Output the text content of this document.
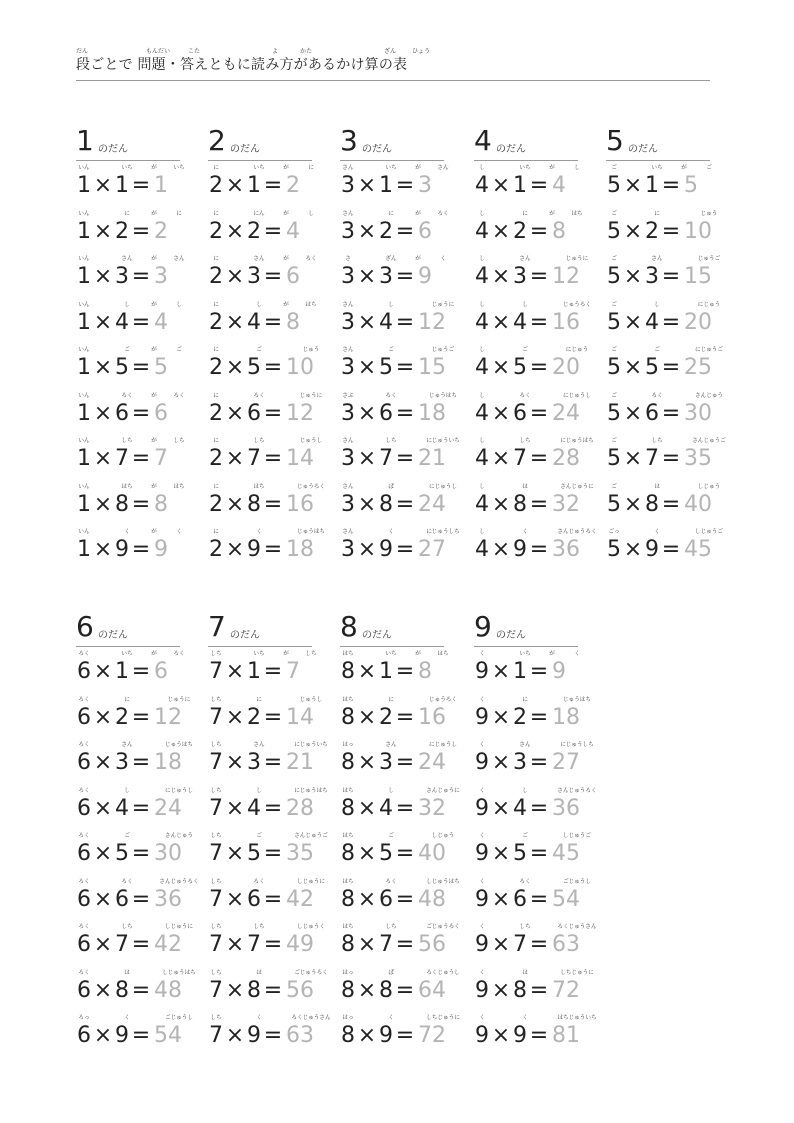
だん	もんだい	こた	よ	かた	ざん	ひょう
段ごとで 問題・答えともに読み方があるかけ算の表
1 のだん
いん	いち	が	いち
1 × 1 = 1
いん	に	が	に
1 × 2 = 2
いん	さん	が	さん
1 × 3 = 3
いん	し	が	し
1 × 4 = 4
いん	ご	が	ご
1 × 5 = 5
いん	ろく	が	ろく
1 × 6 = 6
いん	しち	が	しち
1 × 7 = 7
いん	はち	が	はち
1 × 8 = 8
いん	く	が	く
1 × 9 = 9
2 のだん
に	いち	が	に
2 × 1 = 2
に	にん	が	し
2 × 2 = 4
に	さん	が	ろく
2 × 3 = 6
に	し	が	はち
2 × 4 = 8
に	ご	じゅう
2 × 5 = 10
に	ろく	じゅうに
2 × 6 = 12
に	しち	じゅうし
2 × 7 = 14
に	はち	じゅうろく
2 × 8 = 16
に	く	じゅうはち
2 × 9 = 18
3 のだん
さん	いち	が	さん
3 × 1 = 3
さん	に	が	ろく
3 × 2 = 6
さ	ざん	が	く
3 × 3 = 9
さん	し	じゅうに
3 × 4 = 12
さん	ご	じゅうご
3 × 5 = 15
さぶ	ろく	じゅうはち
3 × 6 = 18
さん	しち	にじゅういち
3 × 7 = 21
さん	ぱ	にじゅうし
3 × 8 = 24
さん	く	にじゅうしち
3 × 9 = 27
4 のだん
し	いち	が	し
4 × 1 = 4
し	に	が	はち
4 × 2 = 8
し	さん	じゅうに
4 × 3 = 12
し	し	じゅうろく
4 × 4 = 16
し	ご	にじゅう
4 × 5 = 20
し	ろく	にじゅうし
4 × 6 = 24
し	しち	にじゅうはち
4 × 7 = 28
し	は	さんじゅうに
4 × 8 = 32
し	く	さんじゅうろく
4 × 9 = 36
5 のだん
ご	いち	が	ご
5 × 1 = 5
ご	に	じゅう
5 × 2 = 10
ご	さん	じゅうご
5 × 3 = 15
ご	し	にじゅう
5 × 4 = 20
ご	ご	にじゅうご
5 × 5 = 25
ご	ろく	さんじゅう
5 × 6 = 30
ご	しち	さんじゅうご
5 × 7 = 35
ご	は	しじゅう
5 × 8 = 40
ごっ	く	しじゅうご
5 × 9 = 45
6 のだん
ろく	いち	が	ろく
6 × 1 = 6
ろく	に	じゅうに
6 × 2 = 12
ろく	さん	じゅうはち
6 × 3 = 18
ろく	し	にじゅうし
6 × 4 = 24
ろく	ご	さんじゅう
6 × 5 = 30
ろく	ろく	さんじゅうろく
6 × 6 = 36
ろく	しち	しじゅうに
6 × 7 = 42
ろく	は	しじゅうはち
6 × 8 = 48
ろっ	く	ごじゅうし
6 × 9 = 54
7 のだん
しち	いち	が	しち
7 × 1 = 7
しち	に	じゅうし
7 × 2 = 14
しち	さん	にじゅういち
7 × 3 = 21
しち	し	にじゅうはち
7 × 4 = 28
しち	ご	さんじゅうご
7 × 5 = 35
しち	ろく	しじゅうに
7 × 6 = 42
しち	しち	しじゅうく
7 × 7 = 49
しち	は	ごじゅうろく
7 × 8 = 56
しち	く	ろくじゅうさん
7 × 9 = 63
8 のだん
はち	いち	が	はち
8 × 1 = 8
はち	に	じゅうろく
8 × 2 = 16
はっ	さん	にじゅうし
8 × 3 = 24
はち	し	さんじゅうに
8 × 4 = 32
はち	ご	しじゅう
8 × 5 = 40
はち	ろく	しじゅうはち
8 × 6 = 48
はち	しち	ごじゅうろく
8 × 7 = 56
はっ	ぱ	ろくじゅうし
8 × 8 = 64
はっ	く	しちじゅうに
8 × 9 = 72
9 のだん
く	いち	が	く
9 × 1 = 9
く	に	じゅうはち
9 × 2 = 18
く	さん	にじゅうしち
9 × 3 = 27
く	し	さんじゅうろく
9 × 4 = 36
く	ご	しじゅうご
9 × 5 = 45
く	ろく	ごじゅうし
9 × 6 = 54
く	しち	ろくじゅうさん
9 × 7 = 63
く	は	しちじゅうに
9 × 8 = 72
く	く	はちじゅういち
9 × 9 = 81
